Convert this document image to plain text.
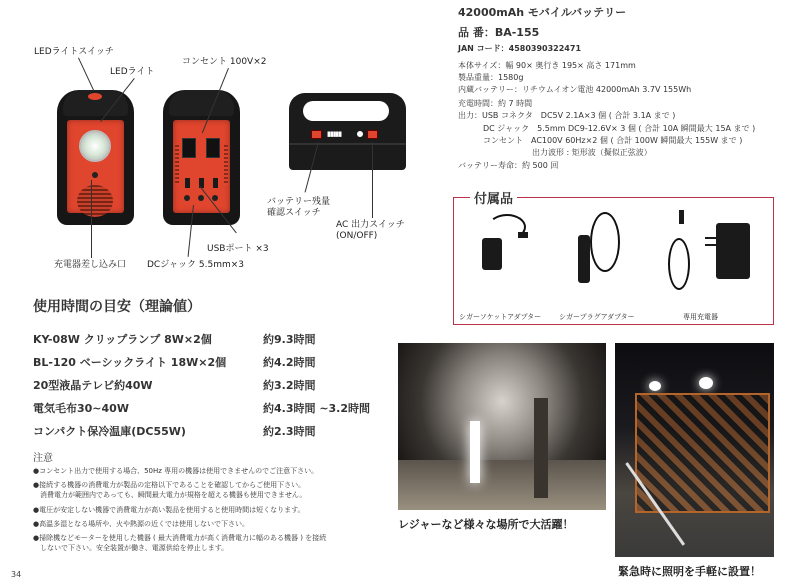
▮▮▮▮▮
LEDライトスイッチ
LEDライト
コンセント 100V×2
充電器差し込み口
USBポート ×3
DCジャック 5.5mm×3
バッテリー残量
確認スイッチ
AC 出力スイッチ
(ON/OFF)
42000mAh モバイルバッテリー
品 番：BA-155
JAN コード：4580390322471
本体サイズ：幅 90× 奥行き 195× 高さ 171mm
製品重量：1580g
内蔵バッテリー：リチウムイオン電池 42000mAh 3.7V 155Wh
充電時間：約 7 時間
出力：USB コネクタ　DC5V 2.1A×3 個 ( 合計 3.1A まで )
DC ジャック　5.5mm DC9-12.6V× 3 個 ( 合計 10A 瞬間最大 15A まで )
コンセント　AC100V 60Hz×2 個 ( 合計 100W 瞬間最大 155W まで )
出力波形 : 矩形波（擬似正弦波）
バッテリー寿命：約 500 回
付属品
シガーソケットアダプター	シガープラグアダプター	専用充電器
使用時間の目安（理論値）
KY-08W クリップランプ 8W×2個	約9.3時間
BL-120 ベーシックライト 18W×2個	約4.2時間
20型液晶テレビ約40W	約3.2時間
電気毛布30~40W	約4.3時間 ~3.2時間
コンパクト保冷温庫(DC55W)	約2.3時間
注意
●コンセント出力で使用する場合、50Hz 専用の機器は使用できませんのでご注意下さい。
●接続する機器の消費電力が製品の定格以下であることを確認してからご使用下さい。
　消費電力が範囲内であっても、瞬間最大電力が規格を超える機器も使用できません。
●電圧が安定しない機器で消費電力が高い製品を使用すると使用時間は短くなります。
●高温多湿となる場所や、火や熱源の近くでは使用しないで下さい。
●掃除機などモーターを使用した機器 ( 最大消費電力が高く消費電力に幅のある機器 ) を接続
　しないで下さい。安全装置が働き、電源供給を停止します。
レジャーなど様々な場所で大活躍！
緊急時に照明を手軽に設置！
34
